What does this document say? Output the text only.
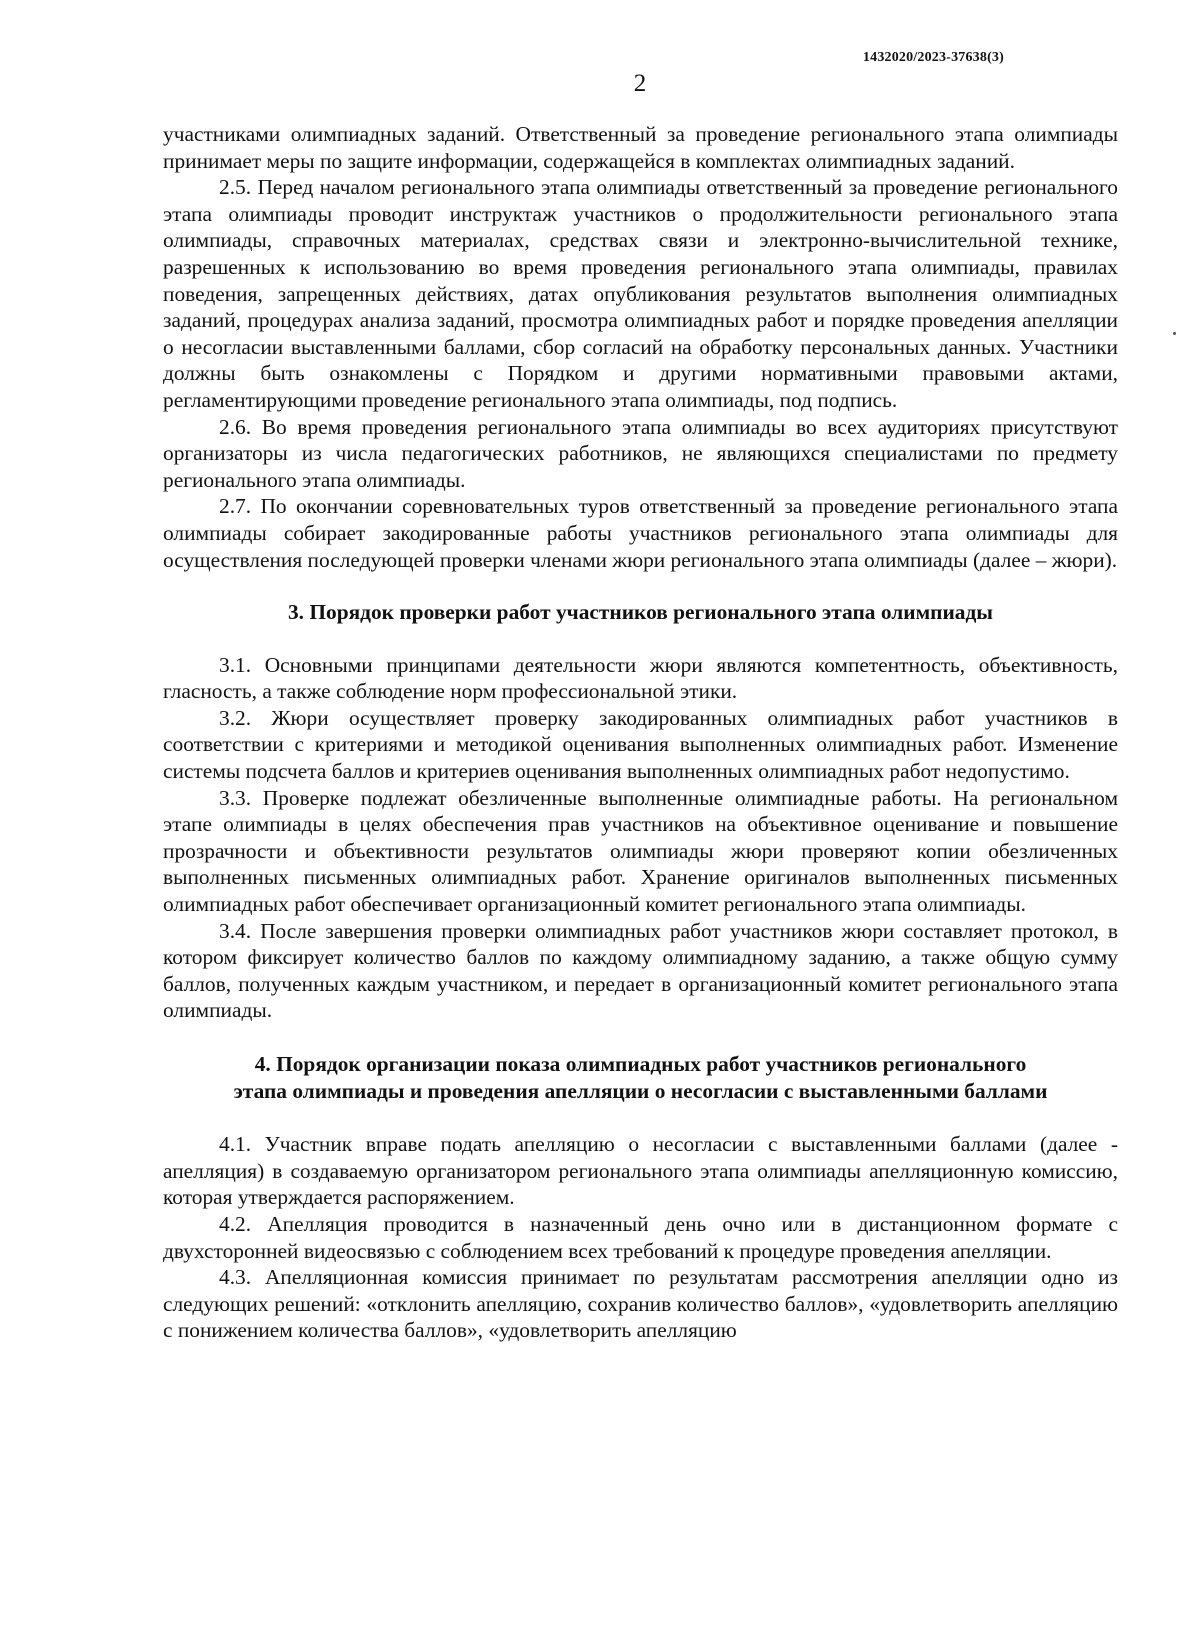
1432020/2023-37638(3)
2

участниками олимпиадных заданий. Ответственный за проведение регионального этапа олимпиады принимает меры по защите информации, содержащейся в комплектах олимпиадных заданий.

2.5. Перед началом регионального этапа олимпиады ответственный за проведение регионального этапа олимпиады проводит инструктаж участников о продолжительности регионального этапа олимпиады, справочных материалах, средствах связи и электронно-вычислительной технике, разрешенных к использованию во время проведения регионального этапа олимпиады, правилах поведения, запрещенных действиях, датах опубликования результатов выполнения олимпиадных заданий, процедурах анализа заданий, просмотра олимпиадных работ и порядке проведения апелляции о несогласии выставленными баллами, сбор согласий на обработку персональных данных. Участники должны быть ознакомлены с Порядком и другими нормативными правовыми актами, регламентирующими проведение регионального этапа олимпиады, под подпись.

2.6. Во время проведения регионального этапа олимпиады во всех аудиториях присутствуют организаторы из числа педагогических работников, не являющихся специалистами по предмету регионального этапа олимпиады.

2.7. По окончании соревновательных туров ответственный за проведение регионального этапа олимпиады собирает закодированные работы участников регионального этапа олимпиады для осуществления последующей проверки членами жюри регионального этапа олимпиады (далее – жюри).

3. Порядок проверки работ участников регионального этапа олимпиады

3.1. Основными принципами деятельности жюри являются компетентность, объективность, гласность, а также соблюдение норм профессиональной этики.

3.2. Жюри осуществляет проверку закодированных олимпиадных работ участников в соответствии с критериями и методикой оценивания выполненных олимпиадных работ. Изменение системы подсчета баллов и критериев оценивания выполненных олимпиадных работ недопустимо.

3.3. Проверке подлежат обезличенные выполненные олимпиадные работы. На региональном этапе олимпиады в целях обеспечения прав участников на объективное оценивание и повышение прозрачности и объективности результатов олимпиады жюри проверяют копии обезличенных выполненных письменных олимпиадных работ. Хранение оригиналов выполненных письменных олимпиадных работ обеспечивает организационный комитет регионального этапа олимпиады.

3.4. После завершения проверки олимпиадных работ участников жюри составляет протокол, в котором фиксирует количество баллов по каждому олимпиадному заданию, а также общую сумму баллов, полученных каждым участником, и передает в организационный комитет регионального этапа олимпиады.

4. Порядок организации показа олимпиадных работ участников регионального
этапа олимпиады и проведения апелляции о несогласии с выставленными баллами

4.1. Участник вправе подать апелляцию о несогласии с выставленными баллами (далее - апелляция) в создаваемую организатором регионального этапа олимпиады апелляционную комиссию, которая утверждается распоряжением.

4.2. Апелляция проводится в назначенный день очно или в дистанционном формате с двухсторонней видеосвязью с соблюдением всех требований к процедуре проведения апелляции.

4.3. Апелляционная комиссия принимает по результатам рассмотрения апелляции одно из следующих решений: «отклонить апелляцию, сохранив количество баллов», «удовлетворить апелляцию с понижением количества баллов», «удовлетворить апелляцию
